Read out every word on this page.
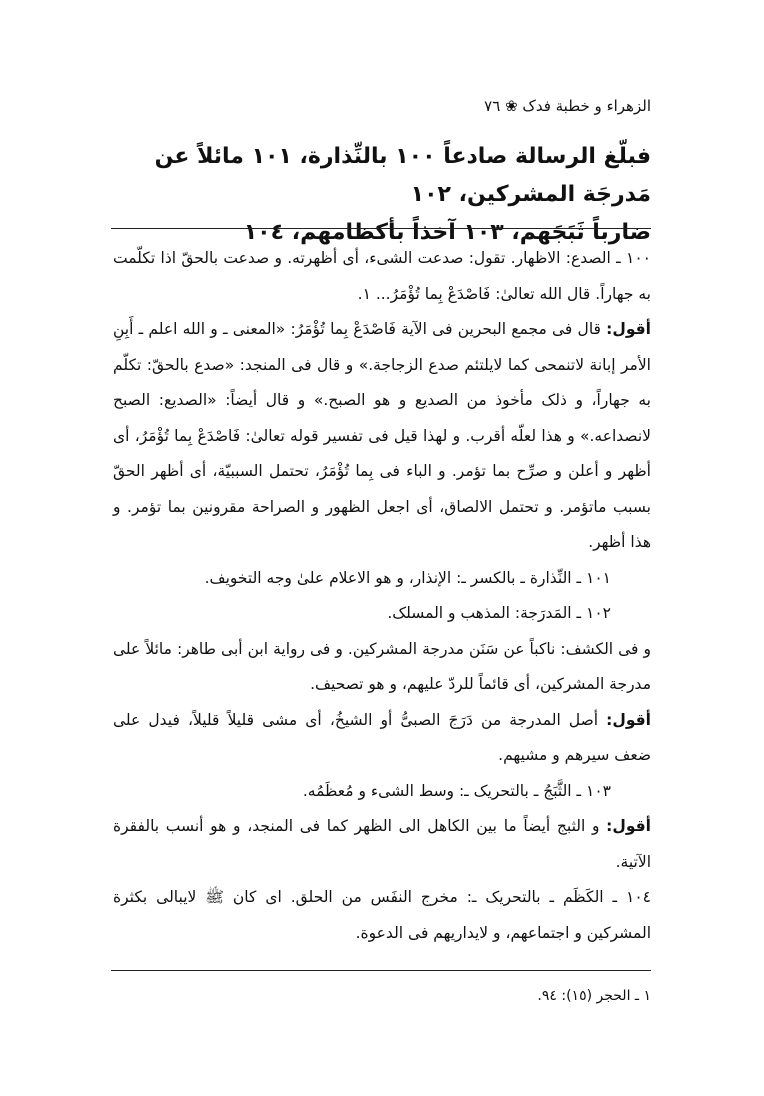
الزهراء و خطبة فدک ❀ ٧٦

فبلّغ الرسالة صادعاً ١٠٠ بالنِّذارة، ١٠١ مائلاً عن مَدرجَة المشركين، ١٠٢

ضارباً ثَبَجَهم، ١٠٣ آخذاً بأكظامهم، ١٠٤

١٠٠ ـ الصدع: الاظهار. تقول: صدعت الشیء، أی أظهرته. و صدعت بالحقّ اذا تکلّمت به جهاراً. قال الله تعالیٰ: فَاصْدَعْ بِما تُؤْمَرُ... ١.

أقول: قال فی مجمع البحرین فی الآیة فَاصْدَعْ بِما تُؤْمَرُ: «المعنی ـ و الله اعلم ـ أَبِنِ الأمر إبانة لاتنمحی کما لایلتئم صدع الزجاجة.» و قال فی المنجد: «صدع بالحقّ: تکلّم به جهاراً، و ذلک مأخوذ من الصدیع و هو الصبح.» و قال أیضاً: «الصدیع: الصبح لانصداعه.» و هذا لعلّه أقرب. و لهذا قیل فی تفسیر قوله تعالیٰ: فَاصْدَعْ بِما تُؤْمَرُ، أی أظهر و أعلن و صرِّح بما تؤمر. و الباء فی بِما تُؤْمَرُ، تحتمل السببیّة، أی أظهر الحقّ بسبب ماتؤمر. و تحتمل الالصاق، أی اجعل الظهور و الصراحة مقرونین بما تؤمر. و هذا أظهر.

١٠١ ـ النِّذارة ـ بالکسر ـ: الإنذار، و هو الاعلام علیٰ وجه التخویف.

١٠٢ ـ المَدرَجة: المذهب و المسلک.

و فی الکشف: ناکباً عن سَنَن مدرجة المشرکین. و فی روایة ابن أبی طاهر: مائلاً علی مدرجة المشرکین، أی قائماً للردّ علیهم، و هو تصحیف.

أقول: أصل المدرجة من دَرَجَ الصبیُّ أو الشیخُ، أی مشی قلیلاً قلیلاً، فیدل علی ضعف سیرهم و مشیهم.

١٠٣ ـ الثَّبَجُ ـ بالتحریک ـ: وسط الشیء و مُعظَمُه.

أقول: و الثبج أیضاً ما بین الکاهل الی الظهر کما فی المنجد، و هو أنسب بالفقرة الآتیة.

١٠٤ ـ الکَظَم ـ بالتحریک ـ: مخرج النفَس من الحلق. ای کان ﷺ لایبالی بکثرة المشرکین و اجتماعهم، و لایداریهم فی الدعوة.

١ ـ الحجر (١٥): ٩٤.
